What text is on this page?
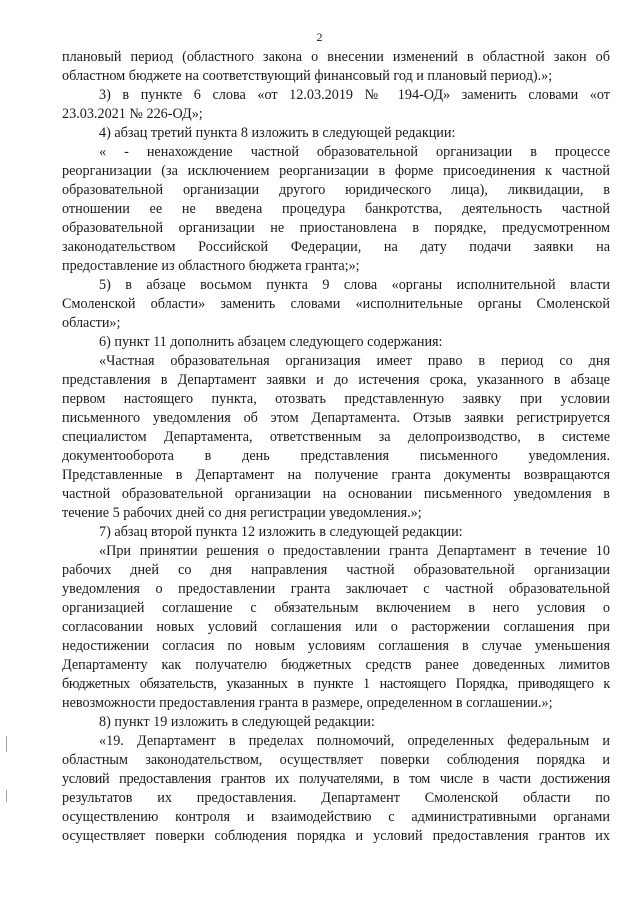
2
плановый период (областного закона о внесении изменений в областной закон об
областном бюджете на соответствующий финансовый год и плановый период).»;
3) в пункте 6 слова «от 12.03.2019 № 194-ОД» заменить словами «от
23.03.2021 № 226-ОД»;
4) абзац третий пункта 8 изложить в следующей редакции:
« - ненахождение частной образовательной организации в процессе
реорганизации (за исключением реорганизации в форме присоединения к частной
образовательной организации другого юридического лица), ликвидации, в
отношении ее не введена процедура банкротства, деятельность частной
образовательной организации не приостановлена в порядке, предусмотренном
законодательством Российской Федерации, на дату подачи заявки на
предоставление из областного бюджета гранта;»;
5) в абзаце восьмом пункта 9 слова «органы исполнительной власти
Смоленской области» заменить словами «исполнительные органы Смоленской
области»;
6) пункт 11 дополнить абзацем следующего содержания:
«Частная образовательная организация имеет право в период со дня
представления в Департамент заявки и до истечения срока, указанного в абзаце
первом настоящего пункта, отозвать представленную заявку при условии
письменного уведомления об этом Департамента. Отзыв заявки регистрируется
специалистом Департамента, ответственным за делопроизводство, в системе
документооборота в день представления письменного уведомления.
Представленные в Департамент на получение гранта документы возвращаются
частной образовательной организации на основании письменного уведомления в
течение 5 рабочих дней со дня регистрации уведомления.»;
7) абзац второй пункта 12 изложить в следующей редакции:
«При принятии решения о предоставлении гранта Департамент в течение 10
рабочих дней со дня направления частной образовательной организации
уведомления о предоставлении гранта заключает с частной образовательной
организацией соглашение с обязательным включением в него условия о
согласовании новых условий соглашения или о расторжении соглашения при
недостижении согласия по новым условиям соглашения в случае уменьшения
Департаменту как получателю бюджетных средств ранее доведенных лимитов
бюджетных обязательств, указанных в пункте 1 настоящего Порядка, приводящего к
невозможности предоставления гранта в размере, определенном в соглашении.»;
8) пункт 19 изложить в следующей редакции:
«19. Департамент в пределах полномочий, определенных федеральным и
областным законодательством, осуществляет поверки соблюдения порядка и
условий предоставления грантов их получателями, в том числе в части достижения
результатов их предоставления. Департамент Смоленской области по
осуществлению контроля и взаимодействию с административными органами
осуществляет поверки соблюдения порядка и условий предоставления грантов их
